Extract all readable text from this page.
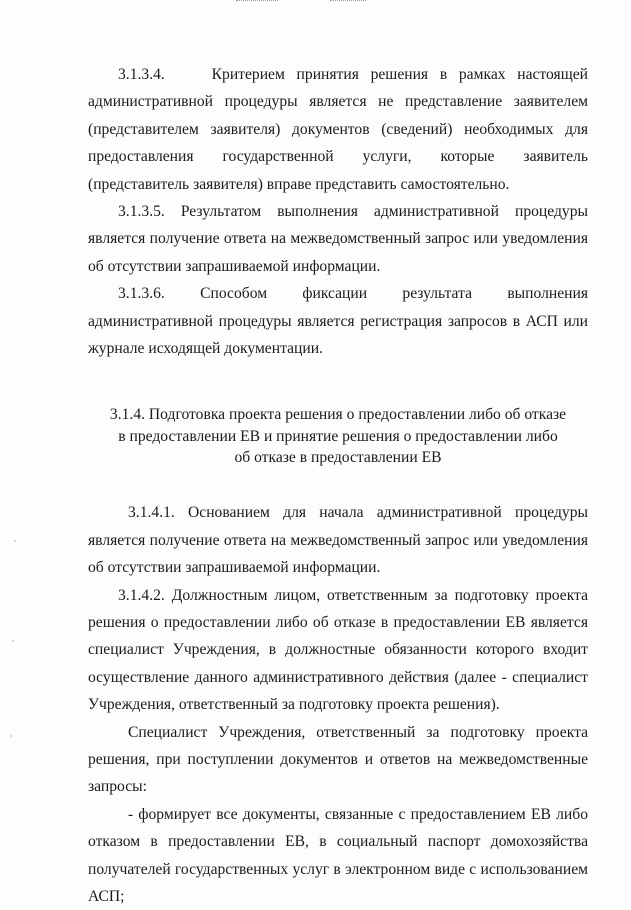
3.1.3.4.	Критерием принятия решения в рамках настоящей административной процедуры является не представление заявителем (представителем заявителя) документов (сведений) необходимых для предоставления государственной услуги, которые заявитель (представитель заявителя) вправе представить самостоятельно.

3.1.3.5. Результатом выполнения административной процедуры является получение ответа на межведомственный запрос или уведомления об отсутствии запрашиваемой информации.

3.1.3.6. Способом фиксации результата выполнения административной процедуры является регистрация запросов в АСП или журнале исходящей документации.

3.1.4. Подготовка проекта решения о предоставлении либо об отказе
в предоставлении ЕВ и принятие решения о предоставлении либо
об отказе в предоставлении ЕВ

3.1.4.1. Основанием для начала административной процедуры является получение ответа на межведомственный запрос или уведомления об отсутствии запрашиваемой информации.

3.1.4.2. Должностным лицом, ответственным за подготовку проекта решения о предоставлении либо об отказе в предоставлении ЕВ является специалист Учреждения, в должностные обязанности которого входит осуществление данного административного действия (далее - специалист Учреждения, ответственный за подготовку проекта решения).

Специалист Учреждения, ответственный за подготовку проекта решения, при поступлении документов и ответов на межведомственные запросы:

- формирует все документы, связанные с предоставлением ЕВ либо отказом в предоставлении ЕВ, в социальный паспорт домохозяйства получателей государственных услуг в электронном виде с использованием АСП;
